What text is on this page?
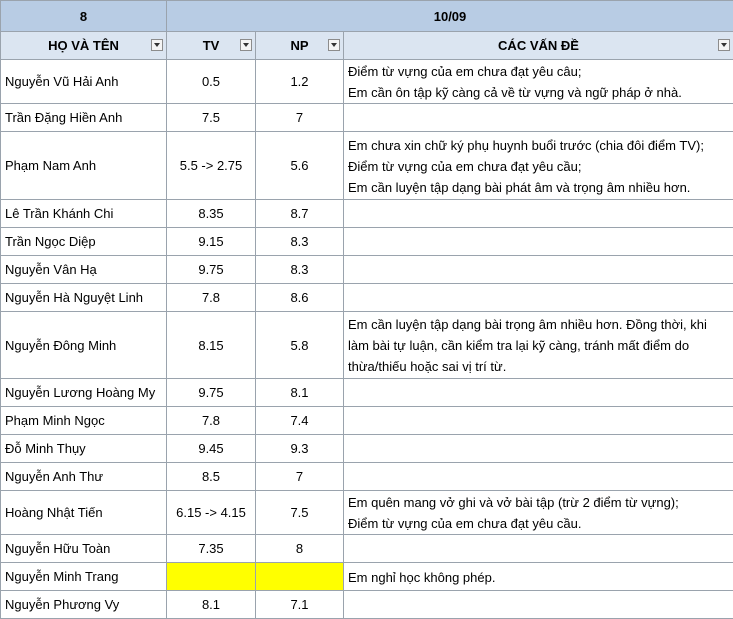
8	10/09		
HỌ VÀ TÊN	TV	NP	CÁC VẤN ĐỀ

Nguyễn Vũ Hải Anh	0.5	1.2	Điểm từ vựng của em chưa đạt yêu câu;
Em cần ôn tập kỹ càng cả về từ vựng và ngữ pháp ở nhà.
Trần Đặng Hiền Anh	7.5	7	
Phạm Nam Anh	5.5 -> 2.75	5.6	Em chưa xin chữ ký phụ huynh buổi trước (chia đôi điểm TV);
Điểm từ vựng của em chưa đạt yêu cầu;
Em cần luyện tập dạng bài phát âm và trọng âm nhiều hơn.
Lê Trần Khánh Chi	8.35	8.7	
Trần Ngọc Diệp	9.15	8.3	
Nguyễn Vân Hạ	9.75	8.3	
Nguyễn Hà Nguyệt Linh	7.8	8.6	
Nguyễn Đông Minh	8.15	5.8	Em cần luyện tập dạng bài trọng âm nhiều hơn. Đồng thời, khi
làm bài tự luận, cần kiểm tra lại kỹ càng, tránh mất điểm do
thừa/thiếu hoặc sai vị trí từ.
Nguyễn Lương Hoàng My	9.75	8.1	
Phạm Minh Ngọc	7.8	7.4	
Đỗ Minh Thụy	9.45	9.3	
Nguyễn Anh Thư	8.5	7	
Hoàng Nhật Tiến	6.15 -> 4.15	7.5	Em quên mang vở ghi và vở bài tập (trừ 2 điểm từ vựng);
Điểm từ vựng của em chưa đạt yêu cầu.
Nguyễn Hữu Toàn	7.35	8	
Nguyễn Minh Trang			Em nghỉ học không phép.
Nguyễn Phương Vy	8.1	7.1	
